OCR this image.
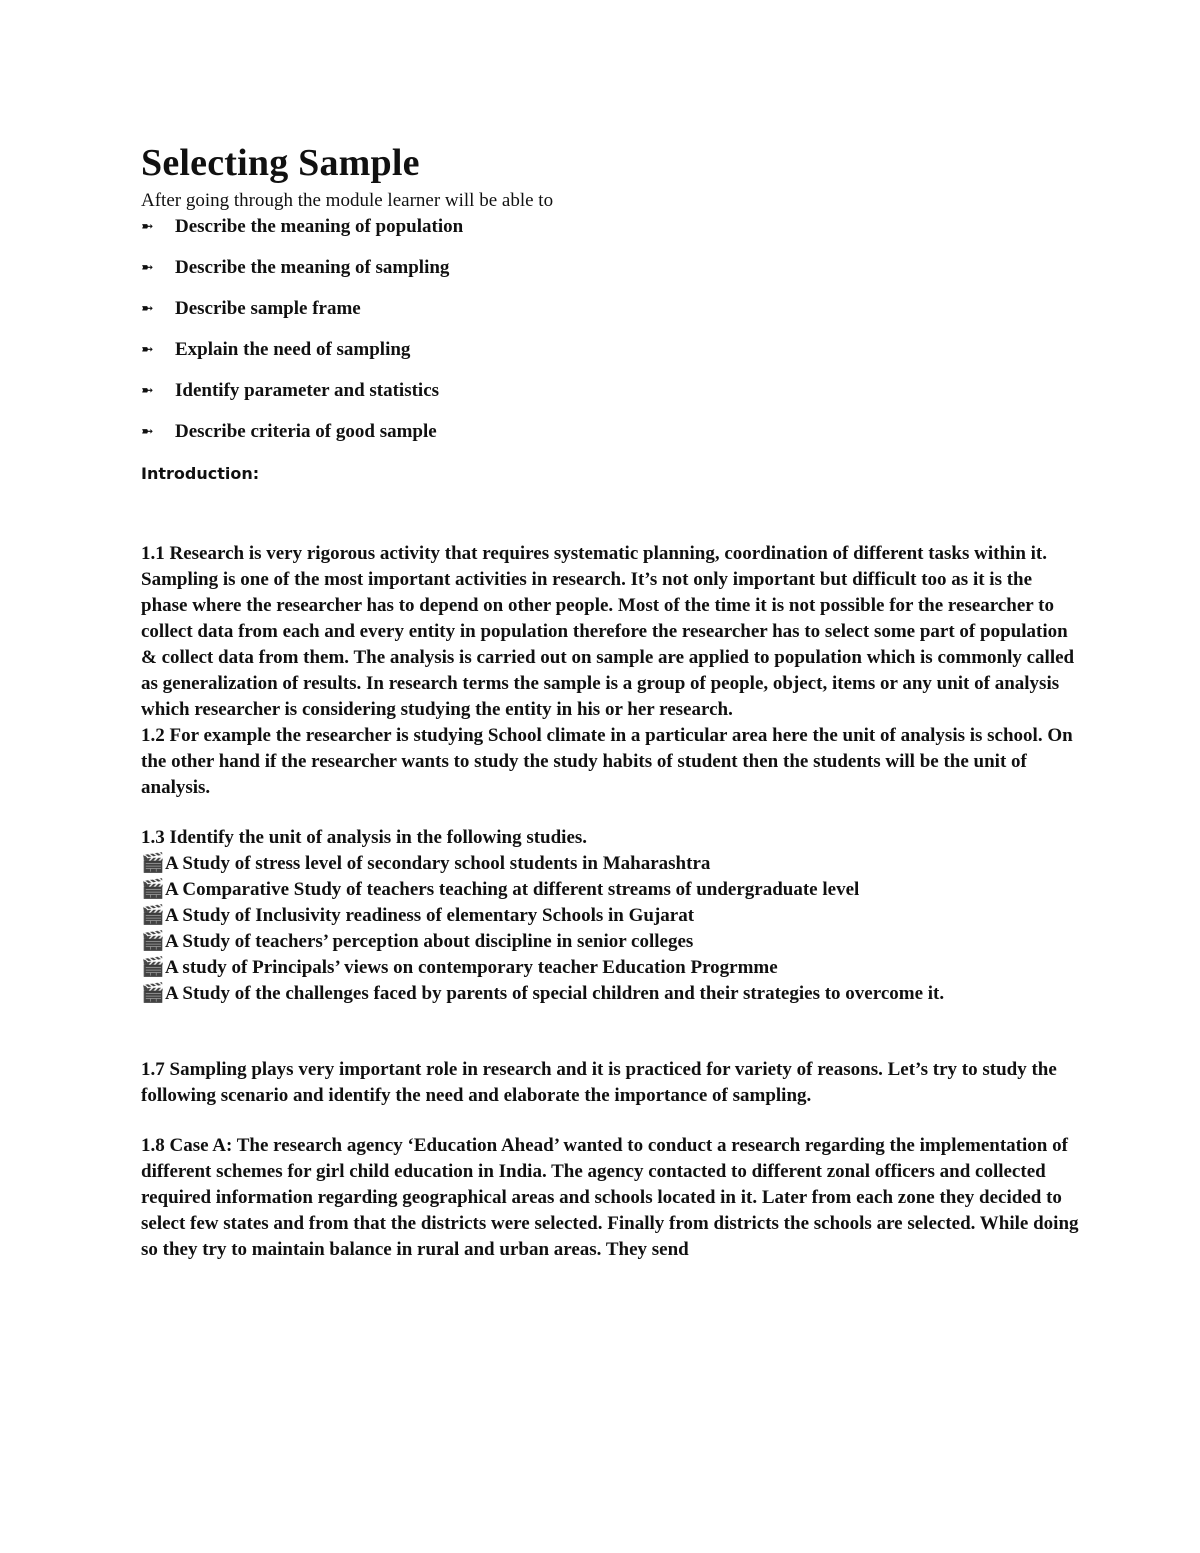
Selecting Sample

After going through the module learner will be able to

➼	Describe the meaning of population
➼	Describe the meaning of sampling
➼	Describe sample frame
➼	Explain the need of sampling
➼	Identify parameter and statistics
➼	Describe criteria of good sample

Introduction:

1.1 Research is very rigorous activity that requires systematic planning, coordination of different tasks within it. Sampling is one of the most important activities in research. It’s not only important but difficult too as it is the phase where the researcher has to depend on other people. Most of the time it is not possible for the researcher to collect data from each and every entity in population therefore the researcher has to select some part of population & collect data from them. The analysis is carried out on sample are applied to population which is commonly called as generalization of results. In research terms the sample is a group of people, object, items or any unit of analysis which researcher is considering studying the entity in his or her research.

1.2 For example the researcher is studying School climate in a particular area here the unit of analysis is school. On the other hand if the researcher wants to study the study habits of student then the students will be the unit of analysis.

1.3 Identify the unit of analysis in the following studies.

🎬A Study of stress level of secondary school students in Maharashtra
🎬A Comparative Study of teachers teaching at different streams of undergraduate level
🎬A Study of Inclusivity readiness of elementary Schools in Gujarat
🎬A Study of teachers’ perception about discipline in senior colleges
🎬A study of Principals’ views on contemporary teacher Education Progrmme
🎬A Study of the challenges faced by parents of special children and their strategies to overcome it.

1.7 Sampling plays very important role in research and it is practiced for variety of reasons. Let’s try to study the following scenario and identify the need and elaborate the importance of sampling.

1.8 Case A: The research agency ‘Education Ahead’ wanted to conduct a research regarding the implementation of different schemes for girl child education in India. The agency contacted to different zonal officers and collected required information regarding geographical areas and schools located in it. Later from each zone they decided to select few states and from that the districts were selected. Finally from districts the schools are selected. While doing so they try to maintain balance in rural and urban areas. They send
